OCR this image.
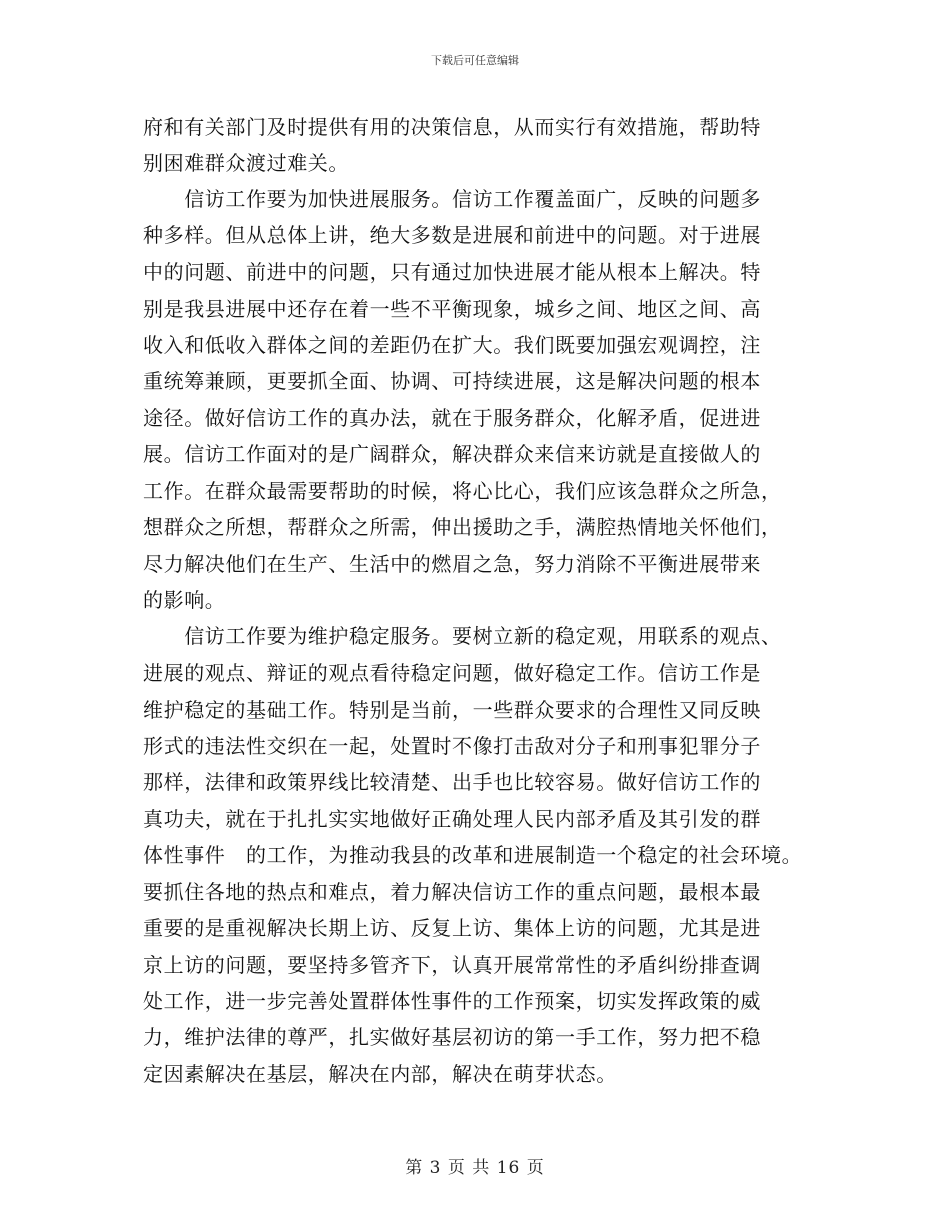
下载后可任意编辑
府和有关部门及时提供有用的决策信息，从而实行有效措施，帮助特
别困难群众渡过难关。
　　信访工作要为加快进展服务。信访工作覆盖面广，反映的问题多
种多样。但从总体上讲，绝大多数是进展和前进中的问题。对于进展
中的问题、前进中的问题，只有通过加快进展才能从根本上解决。特
别是我县进展中还存在着一些不平衡现象，城乡之间、地区之间、高
收入和低收入群体之间的差距仍在扩大。我们既要加强宏观调控，注
重统筹兼顾，更要抓全面、协调、可持续进展，这是解决问题的根本
途径。做好信访工作的真办法，就在于服务群众，化解矛盾，促进进
展。信访工作面对的是广阔群众，解决群众来信来访就是直接做人的
工作。在群众最需要帮助的时候，将心比心，我们应该急群众之所急，
想群众之所想，帮群众之所需，伸出援助之手，满腔热情地关怀他们，
尽力解决他们在生产、生活中的燃眉之急，努力消除不平衡进展带来
的影响。
　　信访工作要为维护稳定服务。要树立新的稳定观，用联系的观点、
进展的观点、辩证的观点看待稳定问题，做好稳定工作。信访工作是
维护稳定的基础工作。特别是当前，一些群众要求的合理性又同反映
形式的违法性交织在一起，处置时不像打击敌对分子和刑事犯罪分子
那样，法律和政策界线比较清楚、出手也比较容易。做好信访工作的
真功夫，就在于扎扎实实地做好正确处理人民内部矛盾及其引发的群
体性事件　的工作，为推动我县的改革和进展制造一个稳定的社会环境。
要抓住各地的热点和难点，着力解决信访工作的重点问题，最根本最
重要的是重视解决长期上访、反复上访、集体上访的问题，尤其是进
京上访的问题，要坚持多管齐下，认真开展常常性的矛盾纠纷排查调
处工作，进一步完善处置群体性事件的工作预案，切实发挥政策的威
力，维护法律的尊严，扎实做好基层初访的第一手工作，努力把不稳
定因素解决在基层，解决在内部，解决在萌芽状态。
第 3 页 共 16 页
